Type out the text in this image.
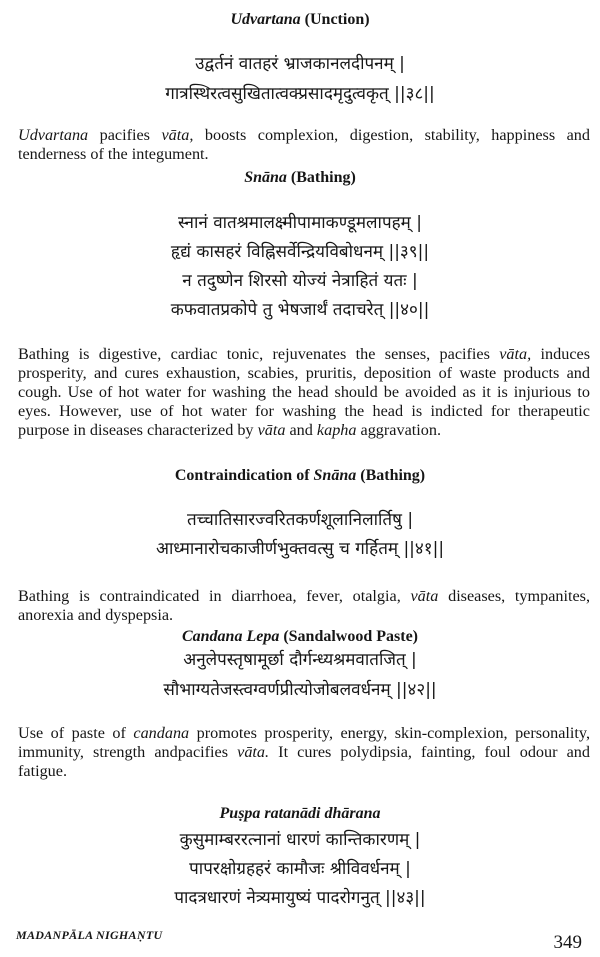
Udvartana (Unction)
उद्वर्तनं वातहरं भ्राजकानलदीपनम् |
गात्रस्थिरत्वसुखितात्वक्प्रसादमृदुत्वकृत् ||३८||
Udvartana pacifies vāta, boosts complexion, digestion, stability, happiness and tenderness of the integument.
Snāna (Bathing)
स्नानं वातश्रमालक्ष्मीपामाकण्डूमलापहम् |
हृद्यं कासहरं विह्निसर्वेन्द्रियविबोधनम् ||३९||
न तदुष्णेन शिरसो योज्यं नेत्राहितं यतः |
कफवातप्रकोपे तु भेषजार्थं तदाचरेत् ||४०||
Bathing is digestive, cardiac tonic, rejuvenates the senses, pacifies vāta, induces prosperity, and cures exhaustion, scabies, pruritis, deposition of waste products and cough. Use of hot water for washing the head should be avoided as it is injurious to eyes. However, use of hot water for washing the head is indicted for therapeutic purpose in diseases characterized by vāta and kapha aggravation.
Contraindication of Snāna (Bathing)
तच्चातिसारज्वरितकर्णशूलानिलार्तिषु |
आध्मानारोचकाजीर्णभुक्तवत्सु च गर्हितम् ||४१||
Bathing is contraindicated in diarrhoea, fever, otalgia, vāta diseases, tympanites, anorexia and dyspepsia.
Candana Lepa (Sandalwood Paste)
अनुलेपस्तृषामूर्छा दौर्गन्ध्यश्रमवातजित् |
सौभाग्यतेजस्त्वग्वर्णप्रीत्योजोबलवर्धनम् ||४२||
Use of paste of candana promotes prosperity, energy, skin-complexion, personality, immunity, strength andpacifies vāta. It cures polydipsia, fainting, foul odour and fatigue.
Puṣpa ratanādi dhārana
कुसुमाम्बररत्नानां धारणं कान्तिकारणम् |
पापरक्षोग्रहहरं कामौजः श्रीविवर्धनम् |
पादत्रधारणं नेत्र्यमायुष्यं पादरोगनुत् ||४३||
MADANPĀLA NIGHAṆTU	349
